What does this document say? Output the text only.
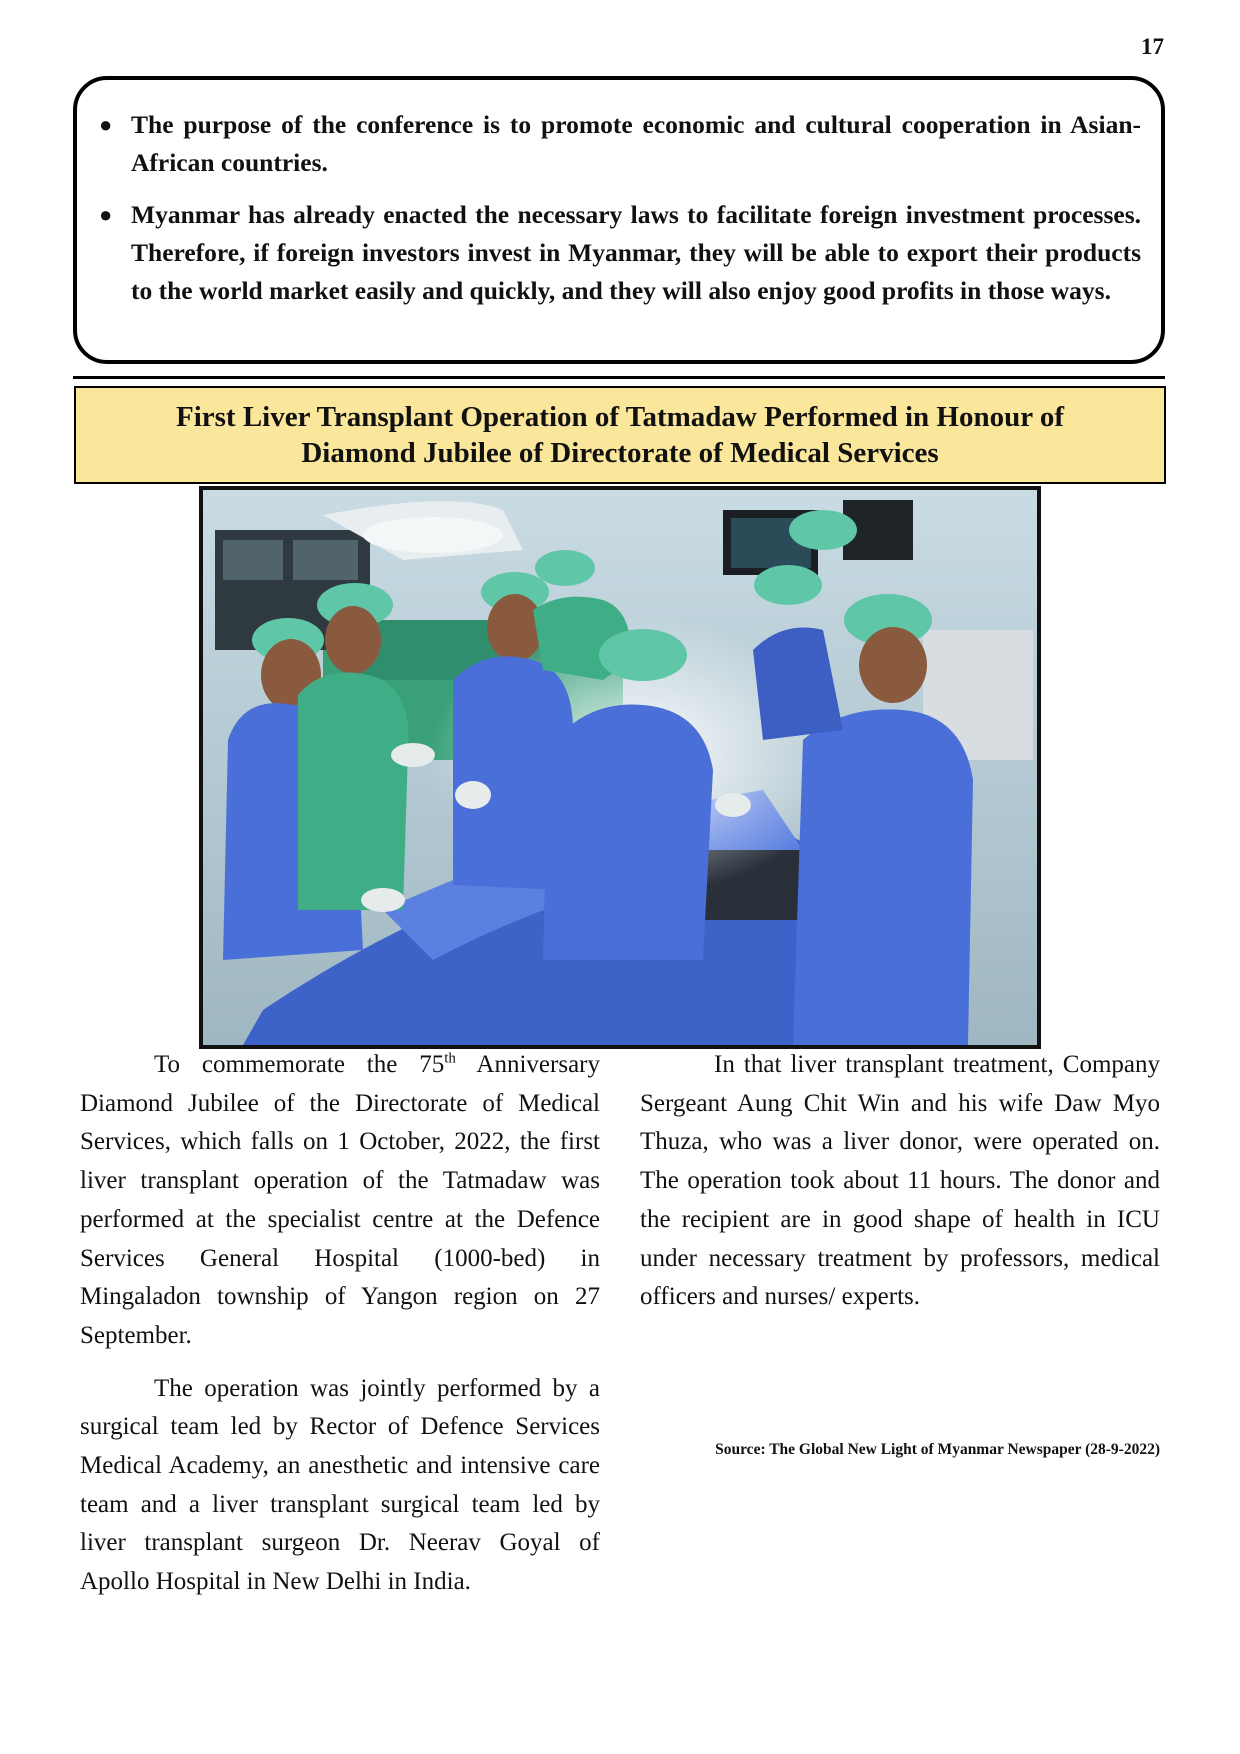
17
● The purpose of the conference is to promote economic and cultural cooperation in Asian-African countries.
● Myanmar has already enacted the necessary laws to facilitate foreign investment processes. Therefore, if foreign investors invest in Myanmar, they will be able to export their products to the world market easily and quickly, and they will also enjoy good profits in those ways.
First Liver Transplant Operation of Tatmadaw Performed in Honour of
Diamond Jubilee of Directorate of Medical Services

To commemorate the 75th Anniversary Diamond Jubilee of the Directorate of Medical Services, which falls on 1 October, 2022, the first liver transplant operation of the Tatmadaw was performed at the specialist centre at the Defence Services General Hospital (1000-bed) in Mingaladon township of Yangon region on 27 September.

The operation was jointly performed by a surgical team led by Rector of Defence Services Medical Academy, an anesthetic and intensive care team and a liver transplant surgical team led by liver transplant surgeon Dr. Neerav Goyal of Apollo Hospital in New Delhi in India.

In that liver transplant treatment, Company Sergeant Aung Chit Win and his wife Daw Myo Thuza, who was a liver donor, were operated on. The operation took about 11 hours. The donor and the recipient are in good shape of health in ICU under necessary treatment by professors, medical officers and nurses/ experts.

Source: The Global New Light of Myanmar Newspaper (28-9-2022)
